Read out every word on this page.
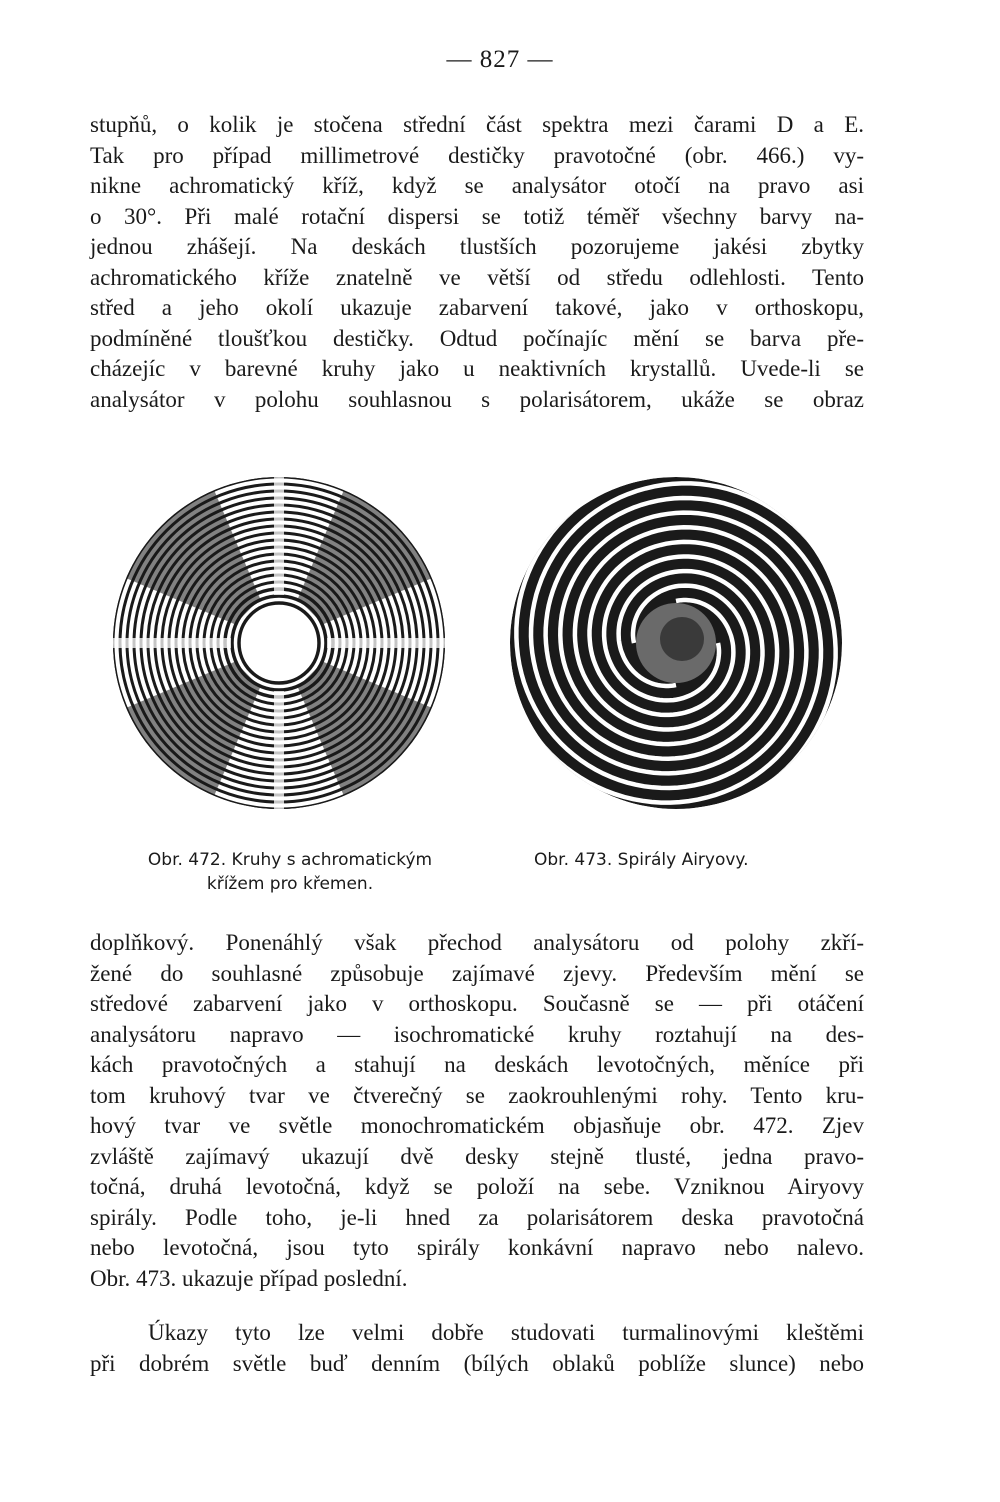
— 827 —

stupňů, o kolik je stočena střední část spektra mezi čarami D a E.
Tak pro případ millimetrové destičky pravotočné (obr. 466.) vy-
nikne achromatický kříž, když se analysátor otočí na pravo asi
o 30°. Při malé rotační dispersi se totiž téměř všechny barvy na-
jednou zhášejí. Na deskách tlustších pozorujeme jakési zbytky
achromatického kříže znatelně ve větší od středu odlehlosti. Tento
střed a jeho okolí ukazuje zabarvení takové, jako v orthoskopu,
podmíněné tloušťkou destičky. Odtud počínajíc mění se barva pře-
cházejíc v barevné kruhy jako u neaktivních krystallů. Uvede-li se
analysátor v polohu souhlasnou s polarisátorem, ukáže se obraz

Obr. 472. Kruhy s achromatickým
křížem pro křemen.
Obr. 473. Spirály Airyovy.

doplňkový. Ponenáhlý však přechod analysátoru od polohy zkří-
žené do souhlasné způsobuje zajímavé zjevy. Především mění se
středové zabarvení jako v orthoskopu. Současně se — při otáčení
analysátoru napravo — isochromatické kruhy roztahují na des-
kách pravotočných a stahují na deskách levotočných, měníce při
tom kruhový tvar ve čtverečný se zaokrouhlenými rohy. Tento kru-
hový tvar ve světle monochromatickém objasňuje obr. 472. Zjev
zvláště zajímavý ukazují dvě desky stejně tlusté, jedna pravo-
točná, druhá levotočná, když se položí na sebe. Vzniknou Airyovy
spirály. Podle toho, je-li hned za polarisátorem deska pravotočná
nebo levotočná, jsou tyto spirály konkávní napravo nebo nalevo.
Obr. 473. ukazuje případ poslední.

Úkazy tyto lze velmi dobře studovati turmalinovými kleštěmi
při dobrém světle buď denním (bílých oblaků poblíže slunce) nebo
